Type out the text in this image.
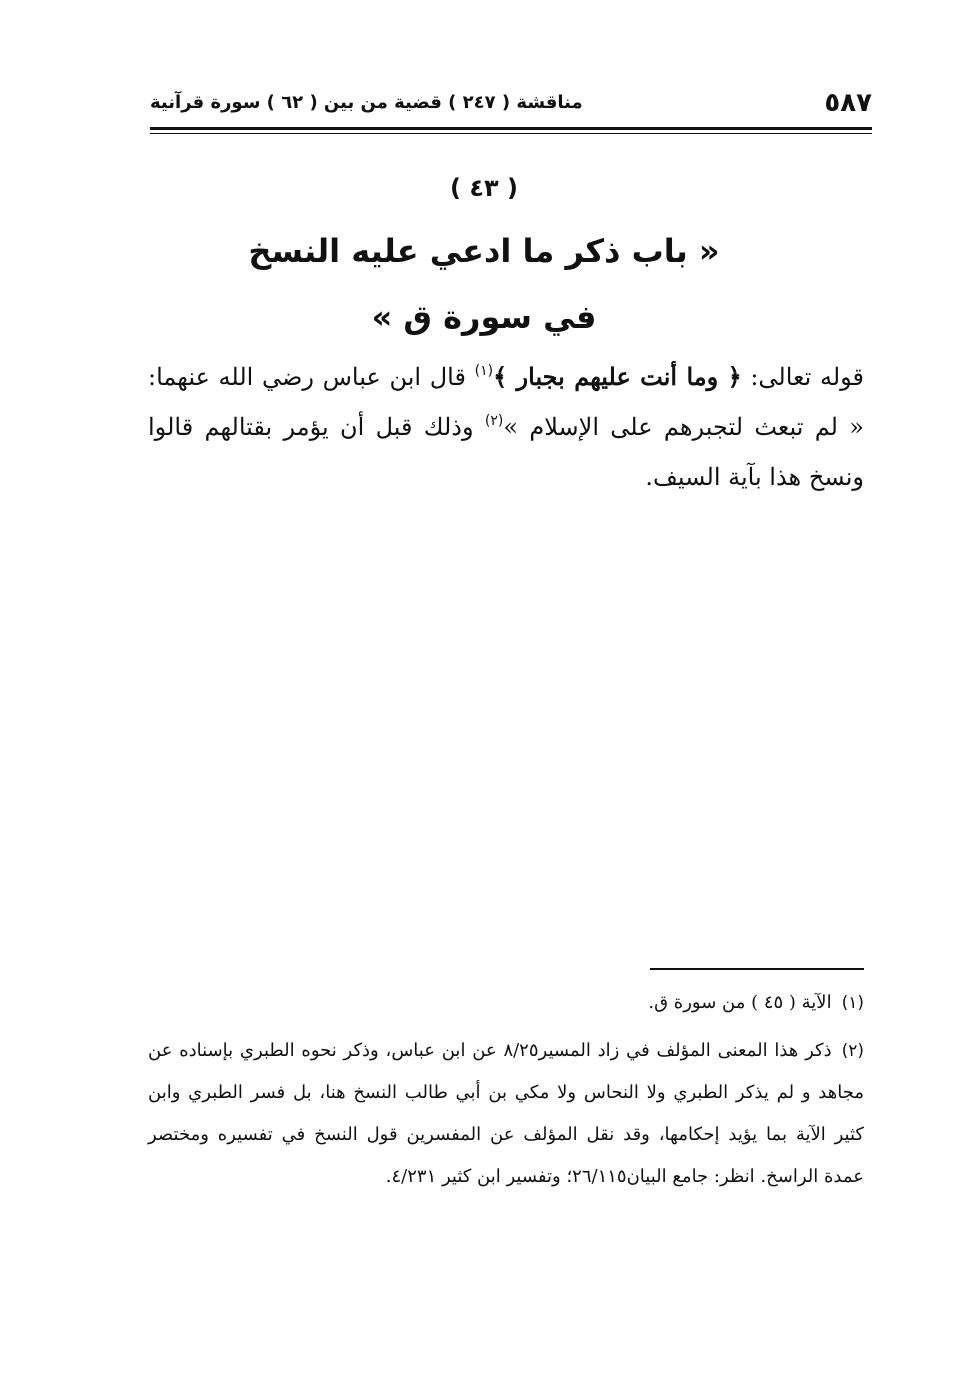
٥٨٧
مناقشة ( ٢٤٧ ) قضية من بين ( ٦٢ ) سورة قرآنية
( ٤٣ )
« باب ذكر ما ادعي عليه النسخ
في سورة ق »
قوله تعالى: ﴿ وما أنت عليهم بجبار ﴾$^{(١)}$ قال ابن عباس رضي الله عنهما: « لم تبعث لتجبرهم على الإسلام »$^{(٢)}$ وذلك قبل أن يؤمر بقتالهم قالوا ونسخ هذا بآية السيف.

(١)الآية ( ٤٥ ) من سورة ق.

(٢)ذكر هذا المعنى المؤلف في زاد المسير٨/٢٥ عن ابن عباس، وذكر نحوه الطبري بإسناده عن مجاهد و لم يذكر الطبري ولا النحاس ولا مكي بن أبي طالب النسخ هنا، بل فسر الطبري وابن كثير الآية بما يؤيد إحكامها، وقد نقل المؤلف عن المفسرين قول النسخ في تفسيره ومختصر عمدة الراسخ. انظر: جامع البيان٢٦/١١٥؛ وتفسير ابن كثير ٤/٢٣١.
